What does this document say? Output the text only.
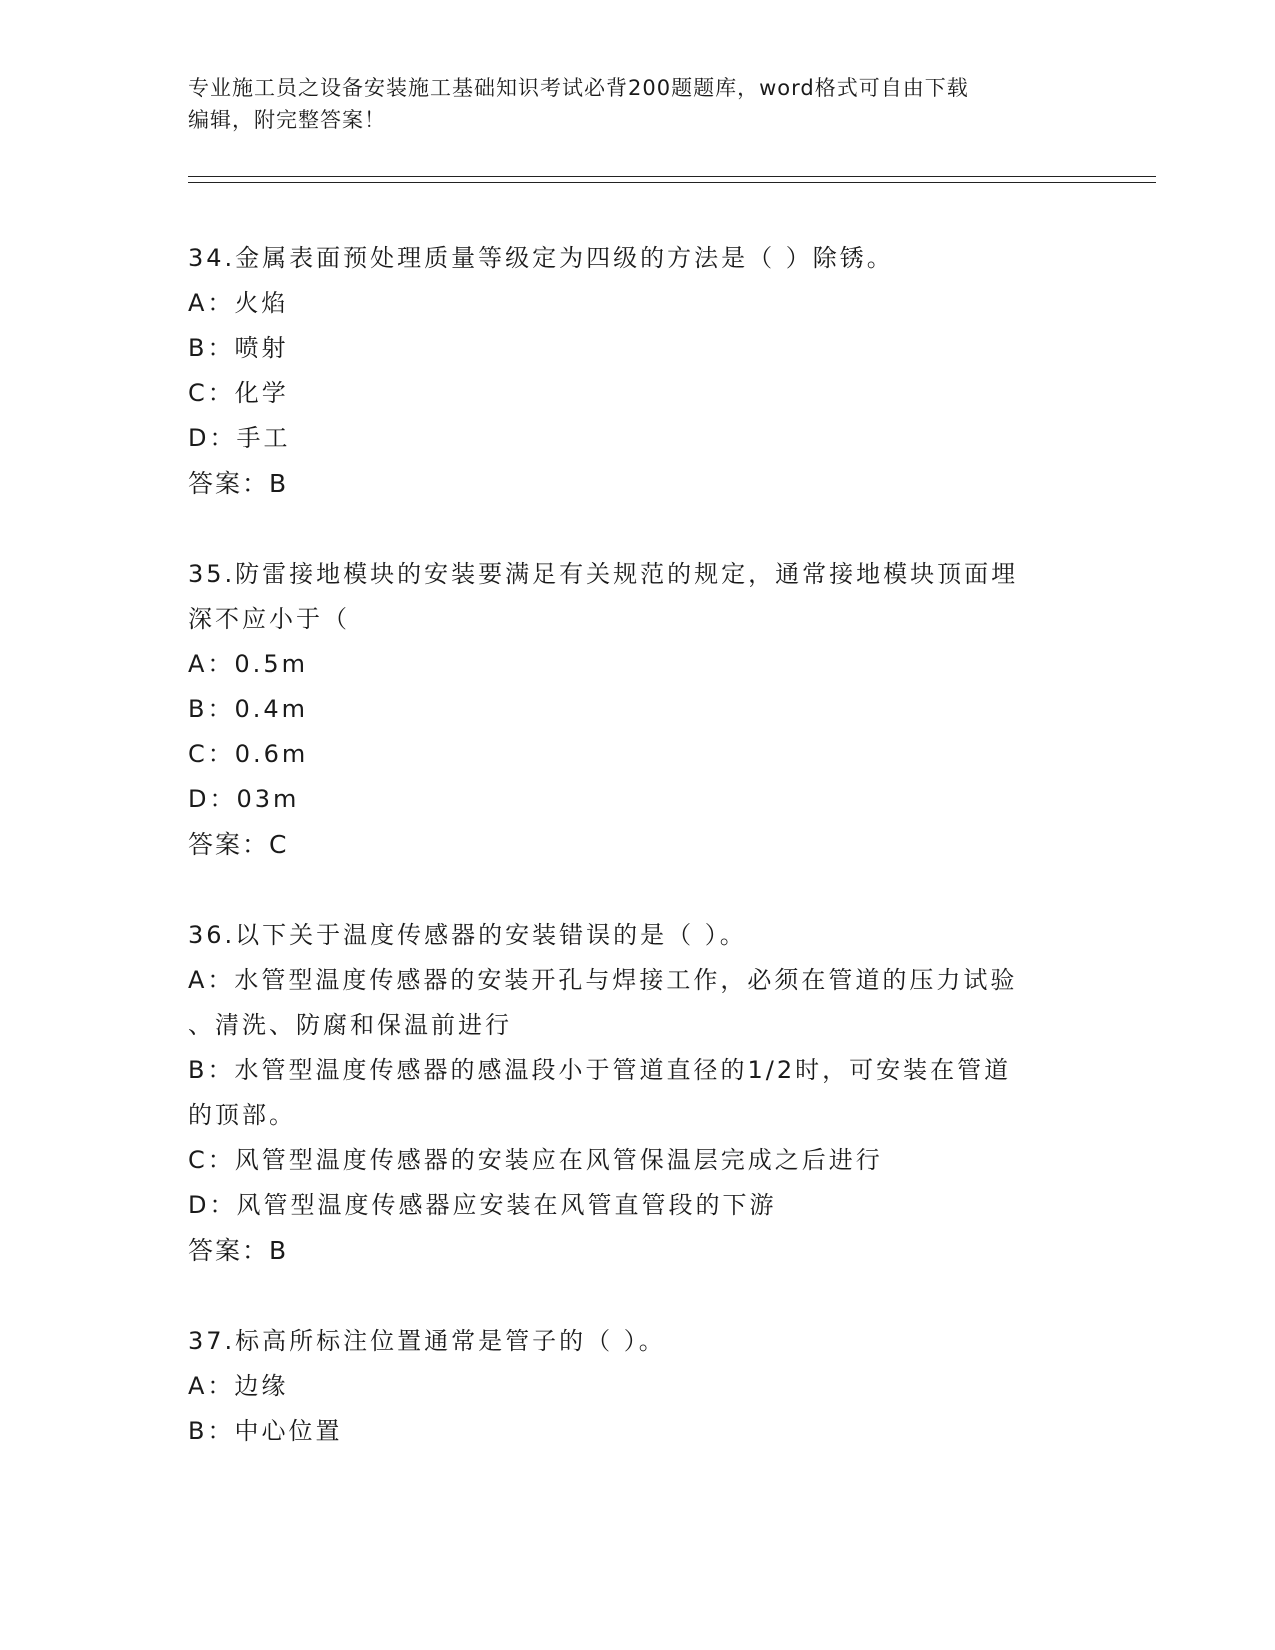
专业施工员之设备安装施工基础知识考试必背200题题库，word格式可自由下载
编辑，附完整答案！
34.金属表面预处理质量等级定为四级的方法是（ ）除锈。
A：火焰
B：喷射
C：化学
D：手工
答案：B
35.防雷接地模块的安装要满足有关规范的规定，通常接地模块顶面埋
深不应小于（
A：0.5m
B：0.4m
C：0.6m
D：03m
答案：C
36.以下关于温度传感器的安装错误的是（ ）。
A：水管型温度传感器的安装开孔与焊接工作，必须在管道的压力试验
、清洗、防腐和保温前进行
B：水管型温度传感器的感温段小于管道直径的1/2时，可安装在管道
的顶部。
C：风管型温度传感器的安装应在风管保温层完成之后进行
D：风管型温度传感器应安装在风管直管段的下游
答案：B
37.标高所标注位置通常是管子的（ ）。
A：边缘
B：中心位置
